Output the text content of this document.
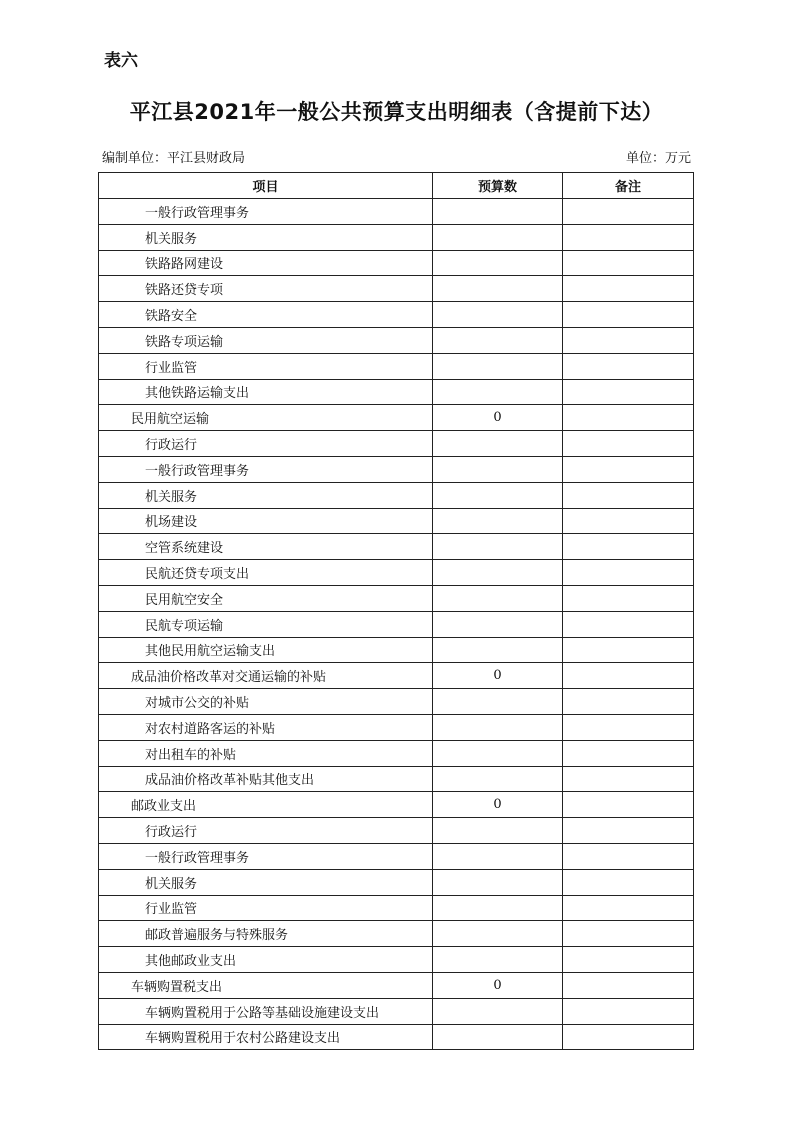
表六
平江县2021年一般公共预算支出明细表（含提前下达）
编制单位：平江县财政局	单位：万元
项目	预算数	备注
一般行政管理事务		
机关服务		
铁路路网建设		
铁路还贷专项		
铁路安全		
铁路专项运输		
行业监管		
其他铁路运输支出		
民用航空运输	0	
行政运行		
一般行政管理事务		
机关服务		
机场建设		
空管系统建设		
民航还贷专项支出		
民用航空安全		
民航专项运输		
其他民用航空运输支出		
成品油价格改革对交通运输的补贴	0	
对城市公交的补贴		
对农村道路客运的补贴		
对出租车的补贴		
成品油价格改革补贴其他支出		
邮政业支出	0	
行政运行		
一般行政管理事务		
机关服务		
行业监管		
邮政普遍服务与特殊服务		
其他邮政业支出		
车辆购置税支出	0	
车辆购置税用于公路等基础设施建设支出		
车辆购置税用于农村公路建设支出		
